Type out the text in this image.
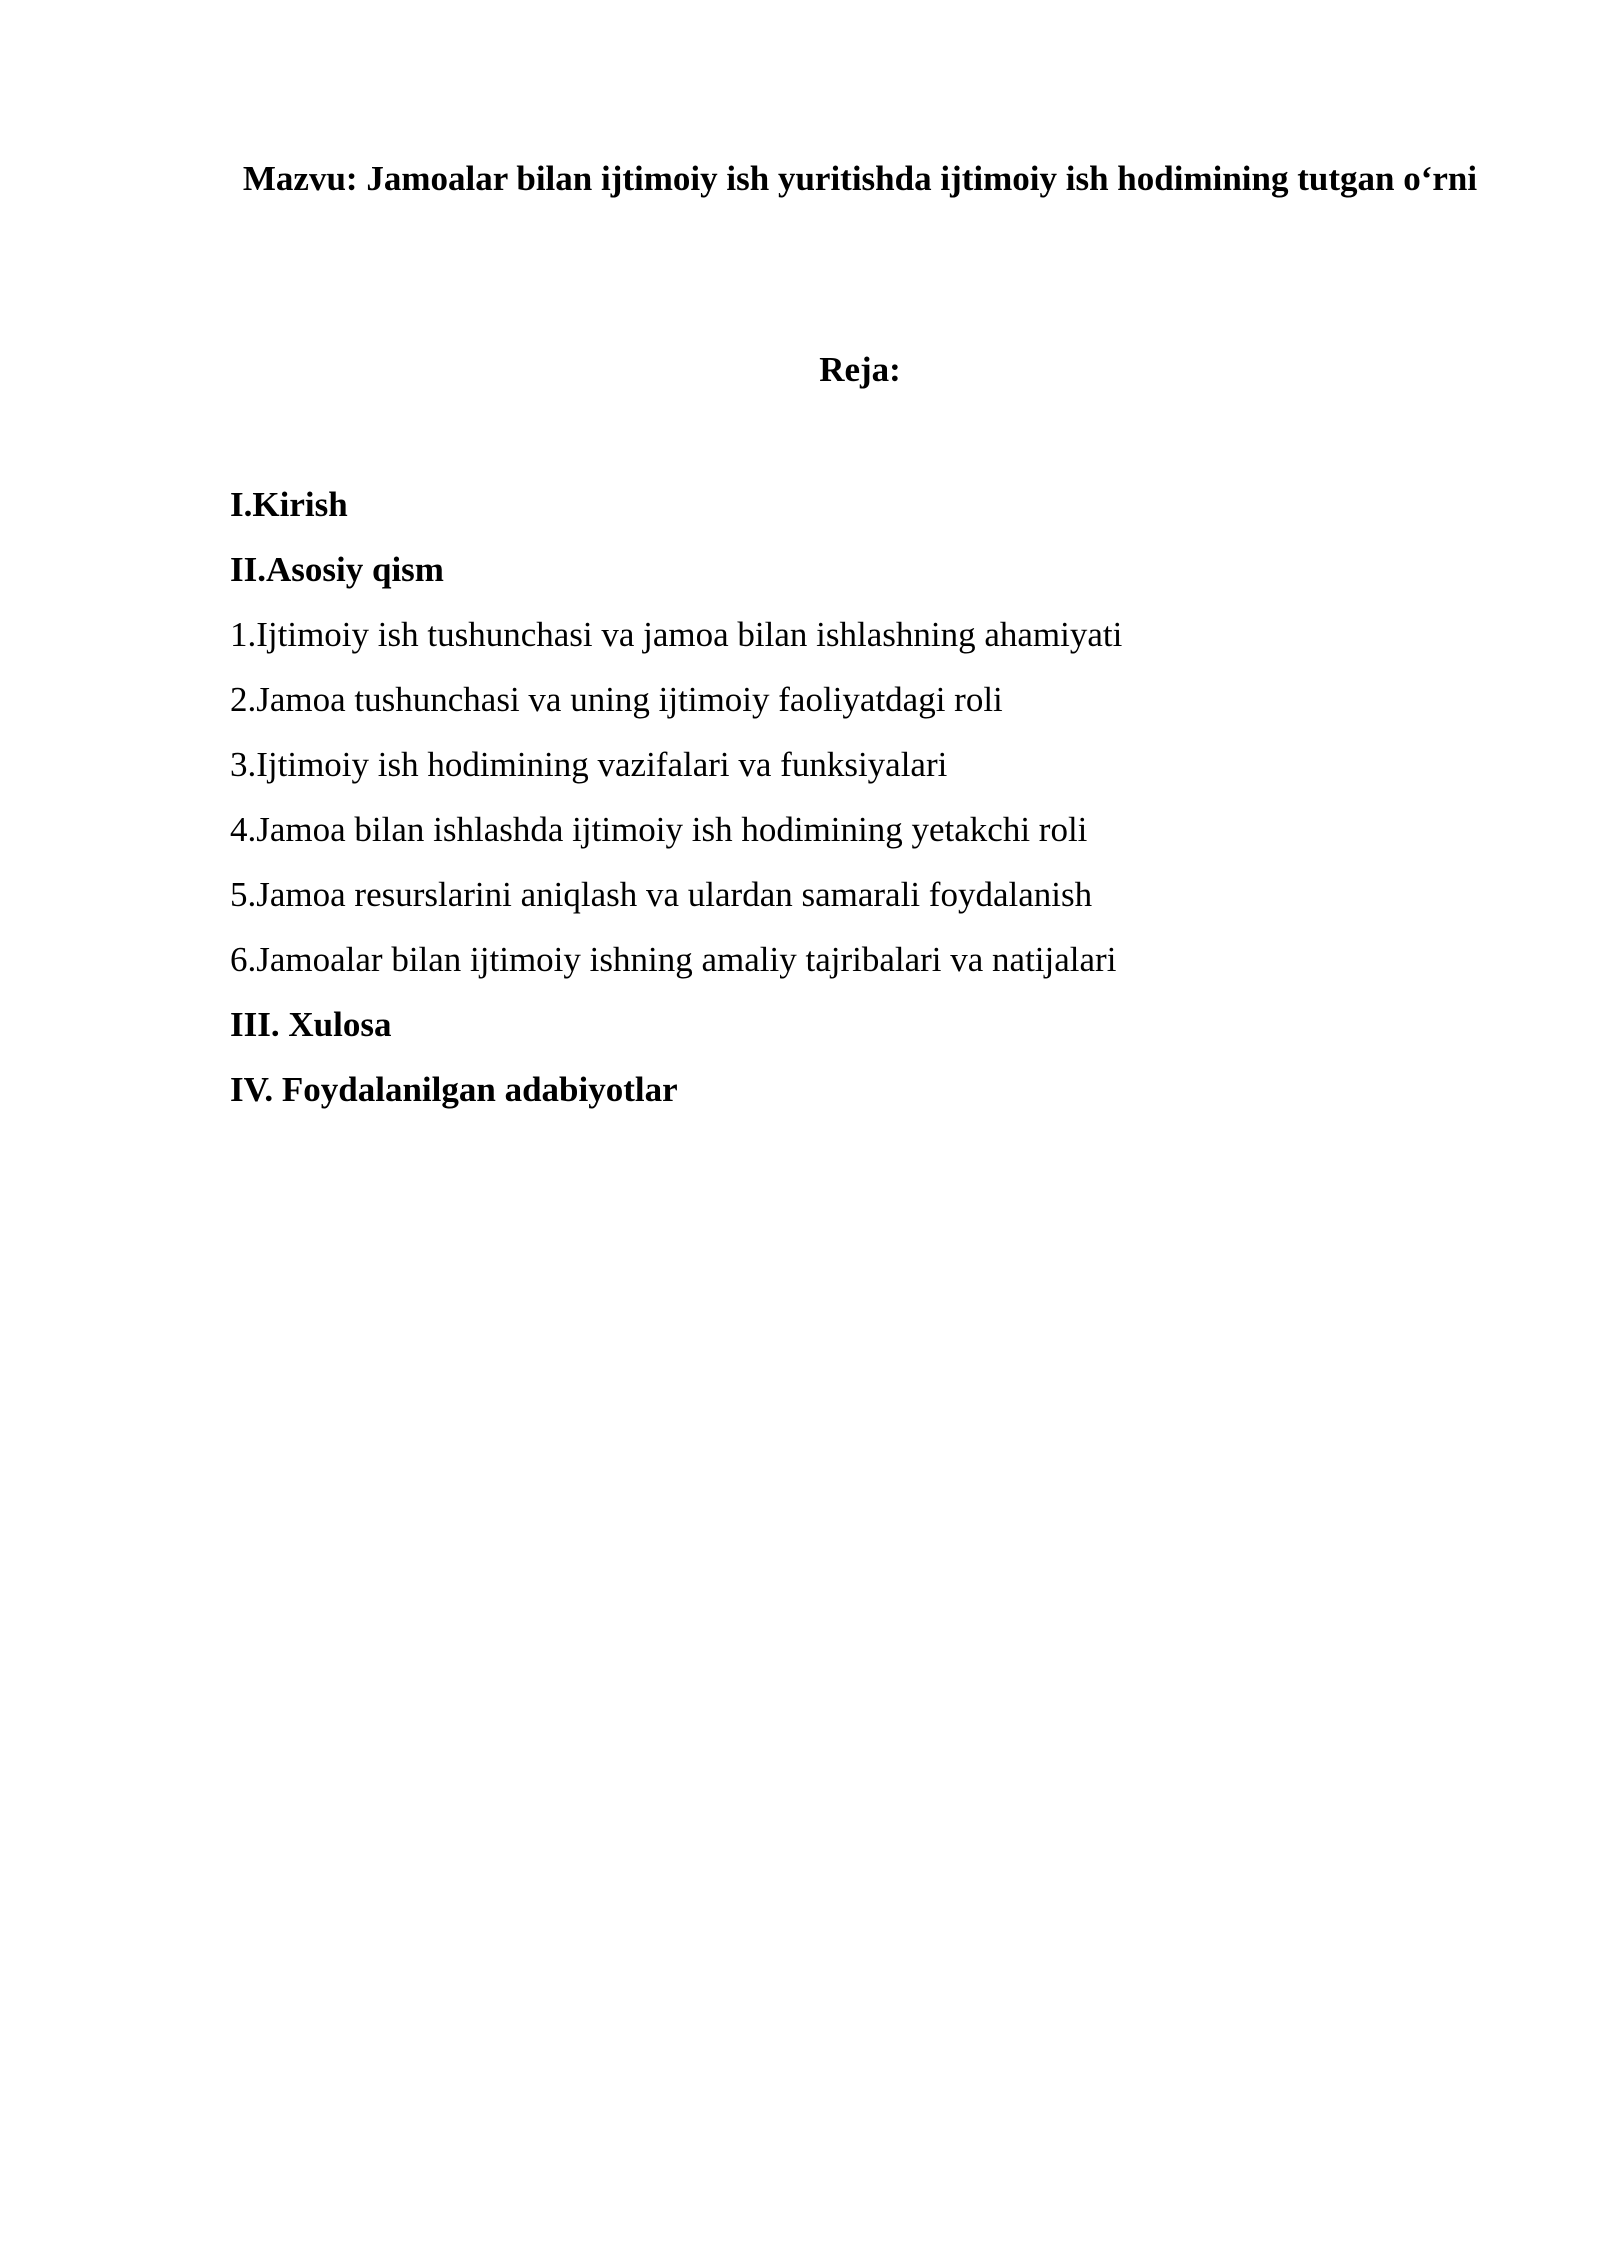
Mazvu: Jamoalar bilan ijtimoiy ish yuritishda ijtimoiy ish hodimining tutgan o‘rni
Reja:
I.Kirish
II.Asosiy qism
1.Ijtimoiy ish tushunchasi va jamoa bilan ishlashning ahamiyati
2.Jamoa tushunchasi va uning ijtimoiy faoliyatdagi roli
3.Ijtimoiy ish hodimining vazifalari va funksiyalari
4.Jamoa bilan ishlashda ijtimoiy ish hodimining yetakchi roli
5.Jamoa resurslarini aniqlash va ulardan samarali foydalanish
6.Jamoalar bilan ijtimoiy ishning amaliy tajribalari va natijalari
III. Xulosa
IV. Foydalanilgan adabiyotlar
